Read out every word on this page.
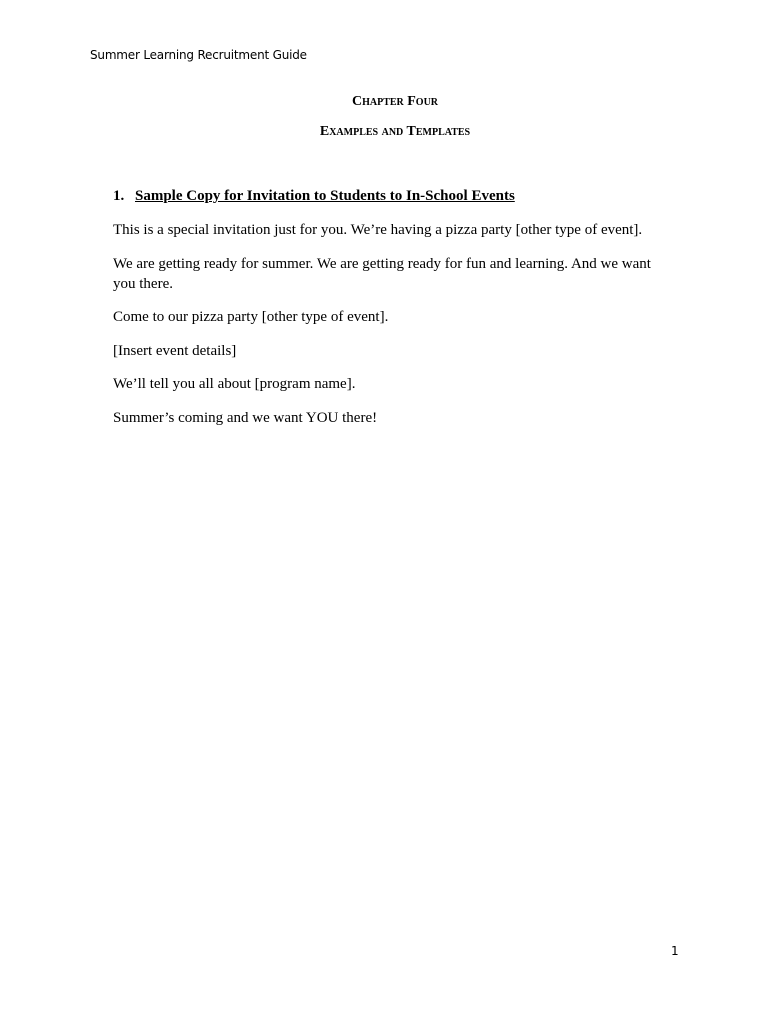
Summer Learning Recruitment Guide
Chapter Four
Examples and Templates
1. Sample Copy for Invitation to Students to In-School Events

This is a special invitation just for you. We’re having a pizza party [other type of event].

We are getting ready for summer. We are getting ready for fun and learning. And we want you there.

Come to our pizza party [other type of event].

[Insert event details]

We’ll tell you all about [program name].

Summer’s coming and we want YOU there!

1
